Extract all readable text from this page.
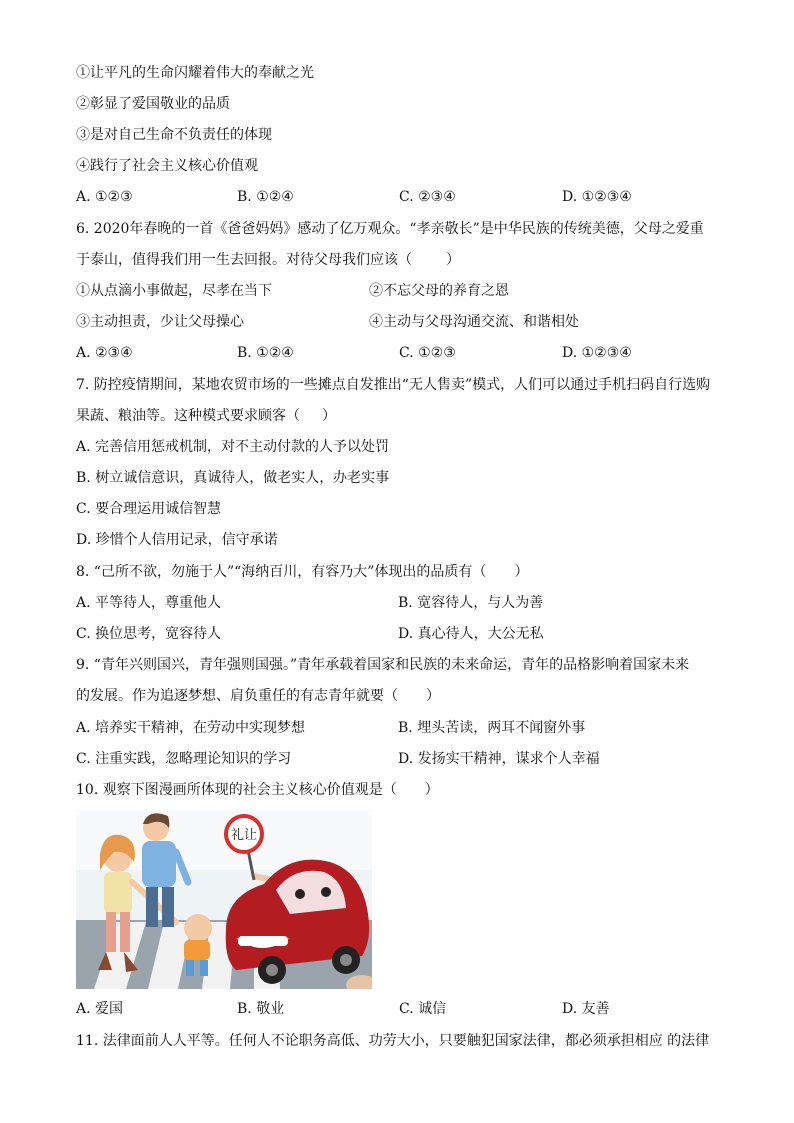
①让平凡的生命闪耀着伟大的奉献之光
②彰显了爱国敬业的品质
③是对自己生命不负责任的体现
④践行了社会主义核心价值观
A. ①②③	B. ①②④	C. ②③④	D. ①②③④
6. 2020年春晚的一首《爸爸妈妈》感动了亿万观众。“孝亲敬长”是中华民族的传统美德，父母之爱重
于泰山，值得我们用一生去回报。对待父母我们应该（ ）
①从点滴小事做起，尽孝在当下	②不忘父母的养育之恩
③主动担责，少让父母操心	④主动与父母沟通交流、和谐相处
A. ②③④	B. ①②④	C. ①②③	D. ①②③④
7. 防控疫情期间，某地农贸市场的一些摊点自发推出“无人售卖”模式，人们可以通过手机扫码自行选购
果蔬、粮油等。这种模式要求顾客（ ）
A. 完善信用惩戒机制，对不主动付款的人予以处罚
B. 树立诚信意识，真诚待人，做老实人，办老实事
C. 要合理运用诚信智慧
D. 珍惜个人信用记录，信守承诺
8. “己所不欲，勿施于人”“海纳百川，有容乃大”体现出的品质有（ ）
A. 平等待人，尊重他人	B. 宽容待人，与人为善
C. 换位思考，宽容待人	D. 真心待人，大公无私
9. “青年兴则国兴，青年强则国强。”青年承载着国家和民族的未来命运，青年的品格影响着国家未来
的发展。作为追逐梦想、肩负重任的有志青年就要（ ）
A. 培养实干精神，在劳动中实现梦想	B. 埋头苦读，两耳不闻窗外事
C. 注重实践，忽略理论知识的学习	D. 发扬实干精神，谋求个人幸福
10. 观察下图漫画所体现的社会主义核心价值观是（ ）
礼让
A. 爱国	B. 敬业	C. 诚信	D. 友善
11. 法律面前人人平等。任何人不论职务高低、功劳大小，只要触犯国家法律，都必须承担相应 的法律
